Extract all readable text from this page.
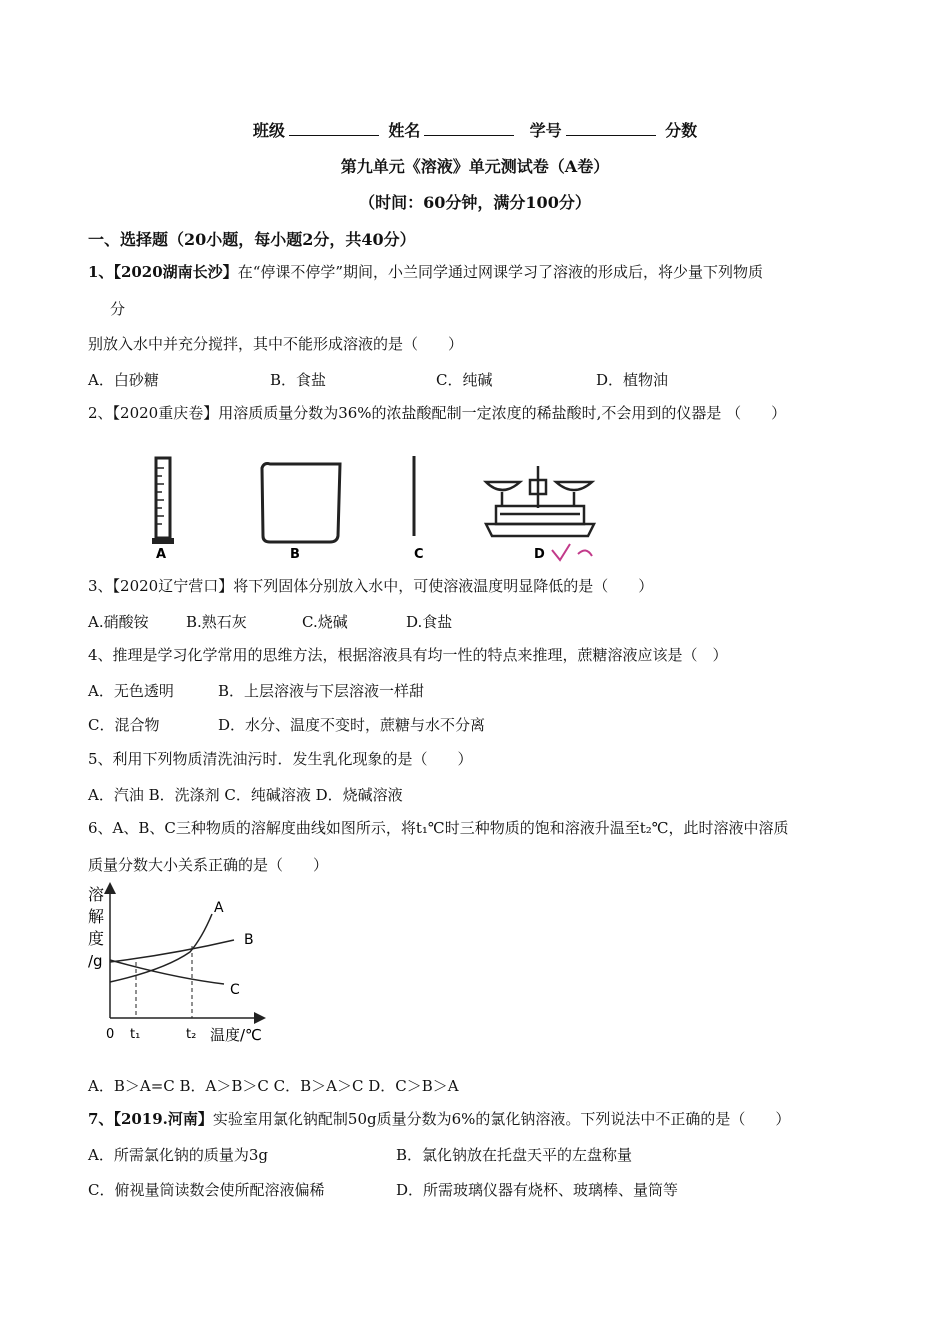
班级	姓名	学号	分数
第九单元《溶液》单元测试卷（A卷）
（时间：60分钟，满分100分）
一、选择题（20小题，每小题2分，共40分）
1、【2020湖南长沙】在“停课不停学”期间，小兰同学通过网课学习了溶液的形成后，将少量下列物质
分
别放入水中并充分搅拌，其中不能形成溶液的是（　　）
A．白砂糖	B．食盐	C．纯碱	D．植物油
2、【2020重庆卷】用溶质质量分数为36%的浓盐酸配制一定浓度的稀盐酸时,不会用到的仪器是 （　　）
A	B	C	D
3、【2020辽宁营口】将下列固体分别放入水中，可使溶液温度明显降低的是（　　）
A.硝酸铵 B.熟石灰	C.烧碱	D.食盐
4、推理是学习化学常用的思维方法，根据溶液具有均一性的特点来推理，蔗糖溶液应该是（　）
A．无色透明	B．上层溶液与下层溶液一样甜
C．混合物	D．水分、温度不变时，蔗糖与水不分离
5、利用下列物质清洗油污时．发生乳化现象的是（　　）
A．汽油 B．洗涤剂 C．纯碱溶液 D．烧碱溶液
6、A、B、C三种物质的溶解度曲线如图所示，将t₁℃时三种物质的饱和溶液升温至t₂℃，此时溶液中溶质
质量分数大小关系正确的是（　　）
溶
解
度
/g
A
B
C
0 t₁	t₂ 温度/℃
A．B＞A=C B．A＞B＞C C．B＞A＞C D．C＞B＞A
7、【2019.河南】实验室用氯化钠配制50g质量分数为6%的氯化钠溶液。下列说法中不正确的是（　　）
A．所需氯化钠的质量为3g	B．氯化钠放在托盘天平的左盘称量
C．俯视量筒读数会使所配溶液偏稀	D．所需玻璃仪器有烧杯、玻璃棒、量筒等
